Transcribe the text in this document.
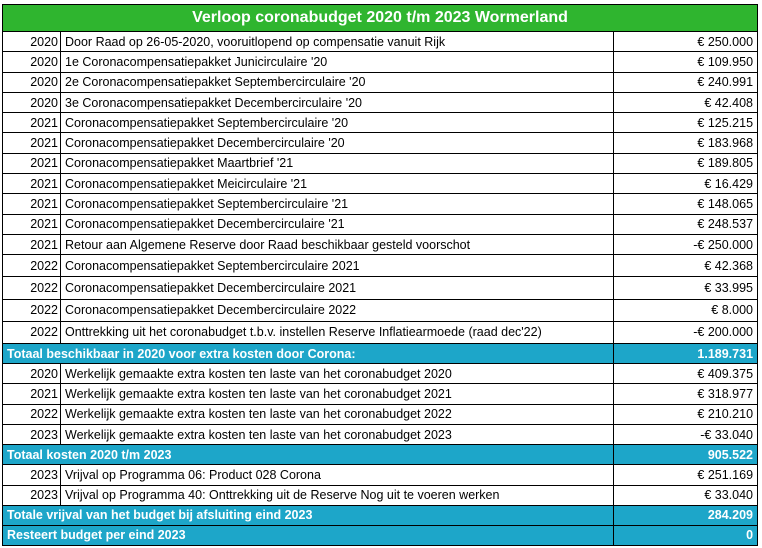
Verloop coronabudget 2020 t/m 2023 Wormerland		
2020	Door Raad op 26-05-2020, vooruitlopend op compensatie vanuit Rijk	€ 250.000
2020	1e Coronacompensatiepakket Junicirculaire '20	€ 109.950
2020	2e Coronacompensatiepakket Septembercirculaire '20	€ 240.991
2020	3e Coronacompensatiepakket Decembercirculaire '20	€ 42.408
2021	Coronacompensatiepakket Septembercirculaire '20	€ 125.215
2021	Coronacompensatiepakket Decembercirculaire '20	€ 183.968
2021	Coronacompensatiepakket Maartbrief '21	€ 189.805
2021	Coronacompensatiepakket Meicirculaire '21	€ 16.429
2021	Coronacompensatiepakket Septembercirculaire '21	€ 148.065
2021	Coronacompensatiepakket Decembercirculaire '21	€ 248.537
2021	Retour aan Algemene Reserve door Raad beschikbaar gesteld voorschot	-€ 250.000
2022	Coronacompensatiepakket Septembercirculaire 2021	€ 42.368
2022	Coronacompensatiepakket Decembercirculaire 2021	€ 33.995
2022	Coronacompensatiepakket Decembercirculaire 2022	€ 8.000
2022	Onttrekking uit het coronabudget t.b.v. instellen Reserve Inflatiearmoede (raad dec'22)	-€ 200.000
Totaal beschikbaar in 2020 voor extra kosten door Corona:		1.189.731
2020	Werkelijk gemaakte extra kosten ten laste van het coronabudget 2020	€ 409.375
2021	Werkelijk gemaakte extra kosten ten laste van het coronabudget 2021	€ 318.977
2022	Werkelijk gemaakte extra kosten ten laste van het coronabudget 2022	€ 210.210
2023	Werkelijk gemaakte extra kosten ten laste van het coronabudget 2023	-€ 33.040
Totaal kosten 2020 t/m 2023		905.522
2023	Vrijval op Programma 06: Product 028 Corona	€ 251.169
2023	Vrijval op Programma 40: Onttrekking uit de Reserve Nog uit te voeren werken	€ 33.040
Totale vrijval van het budget bij afsluiting eind 2023		284.209
Resteert budget per eind 2023		0
